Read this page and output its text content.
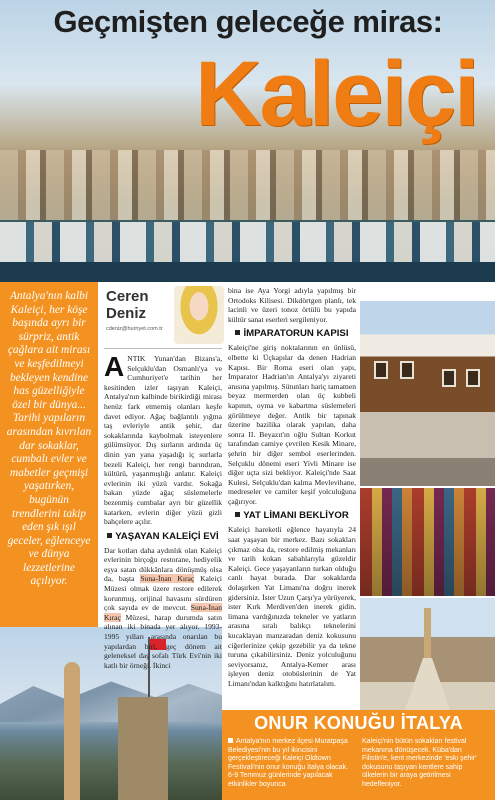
Geçmişten geleceğe miras:
Kaleiçi

Antalya'nın kalbi Kaleiçi, her köşe başında ayrı bir sürpriz, antik çağlara ait mirası ve keşfedilmeyi bekleyen kendine has güzelliğiyle özel bir dünya... Tarihi yapıların arasından kıvrılan dar sokaklar, cumbalı evler ve mabetler geçmişi yaşatırken, bugünün trendlerini takip eden şık ışıl geceler, eğlenceye ve dünya lezzetlerine açılıyor.

Ceren
Deniz
cdeniz@hurriyet.com.tr

ANTIK Yunan'dan Bizans'a, Selçuklu'dan Osmanlı'ya ve Cumhuriyet'e tarihin her kesitinden izler taşıyan Kaleiçi, Antalya'nın kalbinde birikirdiği mirası henüz fark etmemiş olanları keşfe davet ediyor. Ağaç bağlantılı yığma taş evleriyle antik şehir, dar sokaklarında kaybolmak isteyenlere gülümsüyor. Dış surların ardında üç dinin yan yana yaşadığı iç surlarla bezeli Kaleiçi, her rengi barındıran, kültürü, yaşanmışlığı anlatır. Kaleiçi evlerinin iki yüzü vardır. Sokağa bakan yüzde ağaç süslemelerle bezenmiş cumbalar ayrı bir güzellik katarken, evlerin diğer yüzü gizli bahçelere açılır.

YAŞAYAN KALEİÇİ EVİ

Dar kotları daha aydınlık olan Kaleiçi evlerinin birçoğu restorane, hediyelik eşya satan dükkânlara dönüşmüş olsa da, başta Suna-İnan Kıraç Kaleiçi Müzesi olmak üzere restore edilerek korunmuş, orijinal havasını sürdüren çok sayıda ev de mevcut. Suna-İnan Kıraç Müzesi, harap durumda satın alınan iki binada yer alıyor. 1993-1995 yılları arasında onarılan bu yapılardan biri, geç dönem ait geleneksel daş sofalı Türk Evi'nin iki katlı bir örneği. İkinci

bina ise Aya Yorgi adıyla yapılmış bir Ortodoks Kilisesi. Dikdörtgen planlı, tek lacinli ve üzeri tonoz örtülü bu yapıda kültür sanat eserleri sergileniyor.

İMPARATORUN KAPISI

Kaleiçi'ne giriş noktalarının en ünlüsü, elbette ki Üçkapılar da denen Hadrian Kapısı. Bir Roma eseri olan yapı, İmparator Hadrian'ın Antalya'yı ziyareti anısına yapılmış. Sütunları hariç tamamen beyaz mermerden olan üç kubbeli kapının, oyma ve kabartma süslemeleri görülmeye değer. Antik bir tapınak üzerine bazilika olarak yapılan, daha sonra II. Beyazıt'ın oğlu Sultan Korkut tarafından camiye çevrilen Kesik Minare, şehrin bir diğer sembol eserlerinden. Selçuklu dönemi eseri Yivli Minare ise diğer uçta sizi bekliyor. Kaleiçi'nde Saat Kulesi, Selçuklu'dan kalma Mevlevihane, medreseler ve camiler keşif yolculuğuna çağırıyor.

YAT LİMANI BEKLİYOR

Kaleiçi hareketli eğlence hayatıyla 24 saat yaşayan bir merkez. Bazı sokakları çıkmaz olsa da, restore edilmiş mekanları ve tarih kokan sabahlarıyla güzeldir Kaleiçi. Gece yaşayanların turkan olduğu canlı hayat burada. Dar sokaklarda dolaşırken Yat Limanı'na doğru inerek gidersiniz. İster Uzun Çarşı'ya yürüyerek, ister Kırk Merdiven'den inerek gidin, limana vardığınızda tekneler ve yatların arasına sıralı balıkçı teknelerini kucaklayan manzaradan deniz kokusunu ciğerlerinize çekip gezebilir ya da tekne turuna çıkabilirsiniz. Deniz yolculuğunu seviyorsanız, Antalya-Kemer arası işleyen deniz otobüslerinin de Yat Limanı'ndan kalktığını hatırlatalım.

ONUR KONUĞU İTALYA
Antalya'nın merkez ilçesi Muratpaşa Belediyesi'nin bu yıl ikincisini gerçekleştireceği Kaleiçi Oldtown Festivali'nin onur konuğu İtalya olacak. 6-9 Temmuz günlerinde yapılacak etkinlikler boyunca
Kaleiçi'nin bütün sokakları festival mekanına dönüşecek. Küba'dan Filistin'e, kent merkezinde 'eski şehir' dokusunu taşıyan kentlere sahip ülkelerin bir araya getirilmesi hedefleniyor.
